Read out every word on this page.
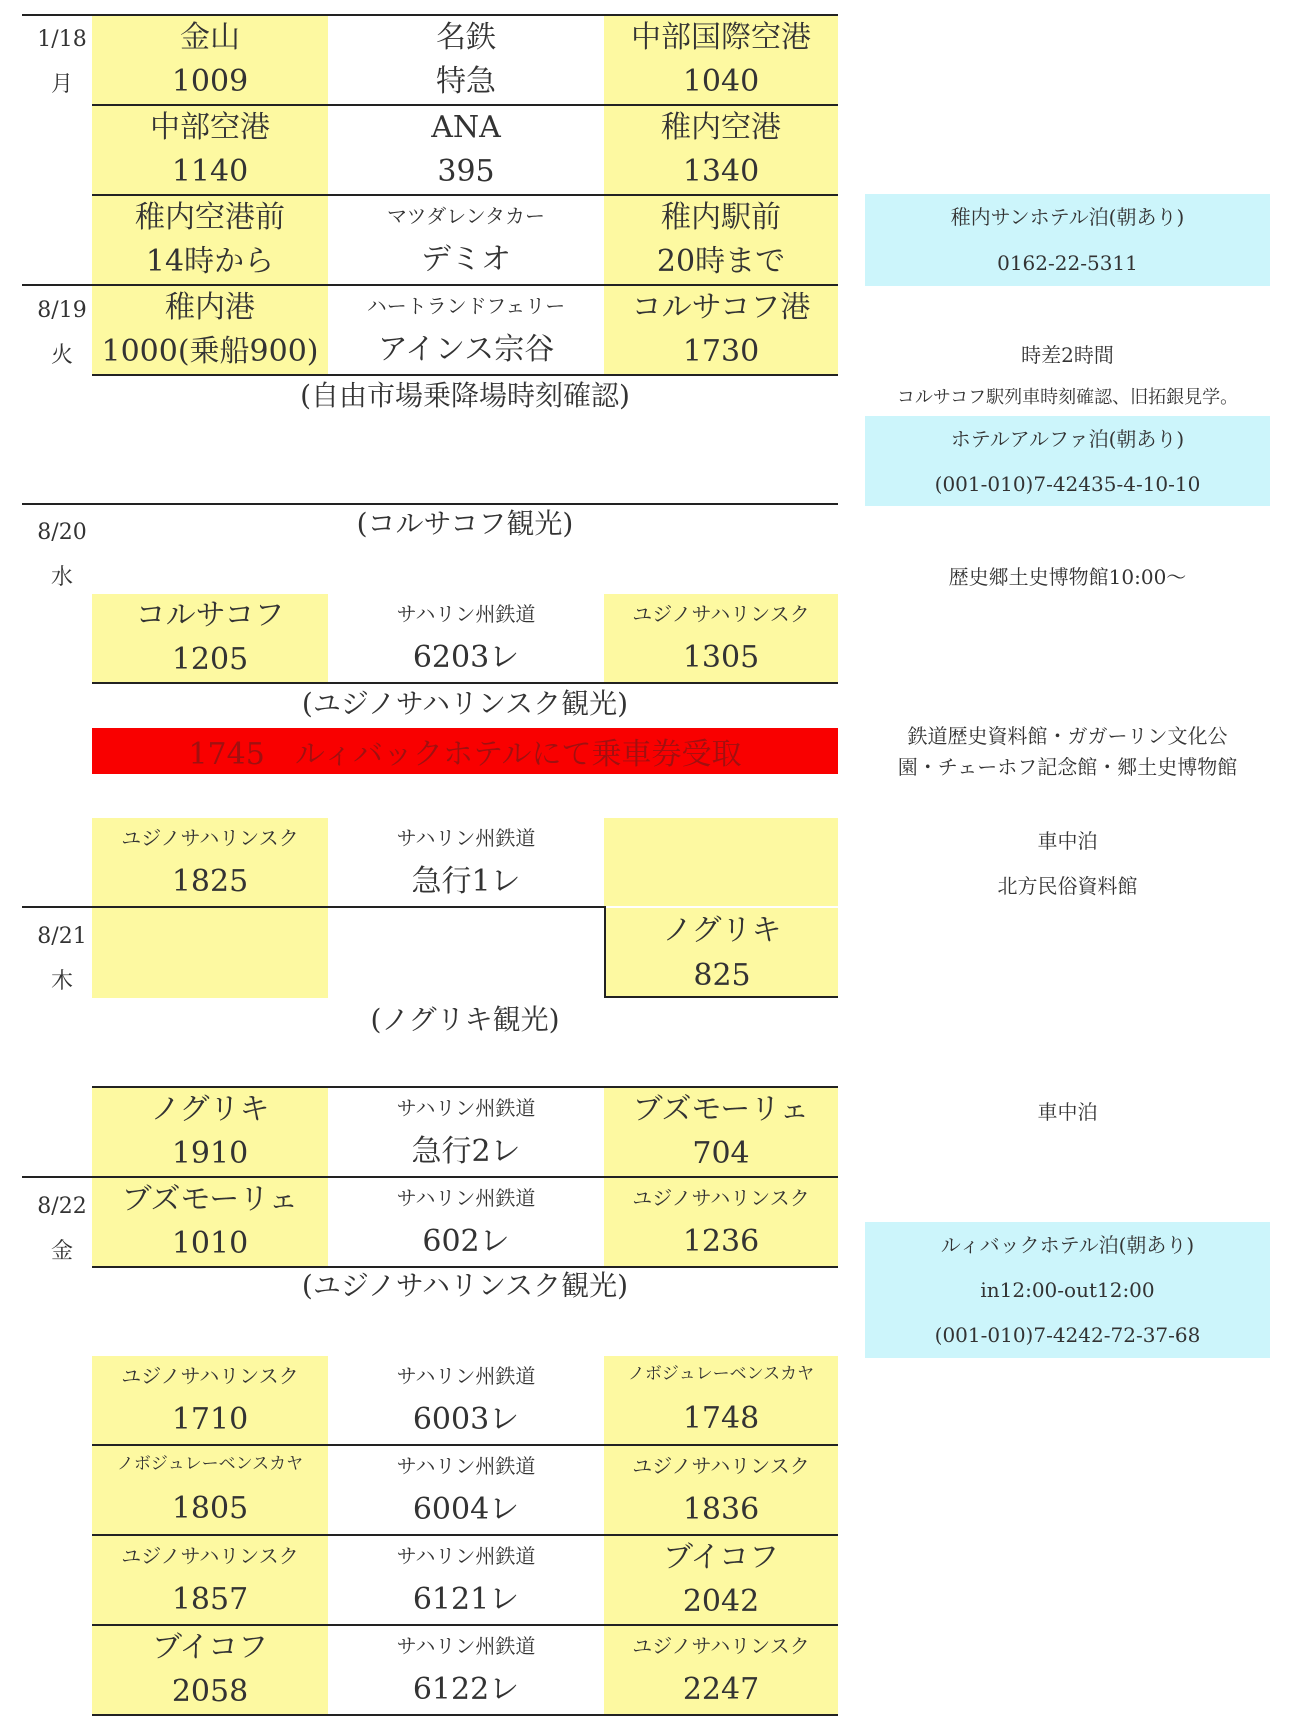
1/18
月
8/19
火
8/20
水
8/21
木
8/22
金
金山
1009
名鉄
特急
中部国際空港
1040
中部空港
1140
ANA
395
稚内空港
1340
稚内空港前
14時から
マツダレンタカー
デミオ
稚内駅前
20時まで
稚内港
1000(乗船900)
ハートランドフェリー
アインス宗谷
コルサコフ港
1730
コルサコフ
1205
サハリン州鉄道
6203レ
ユジノサハリンスク
1305
ユジノサハリンスク
1825
サハリン州鉄道
急行1レ
ノグリキ
825
ノグリキ
1910
サハリン州鉄道
急行2レ
ブズモーリェ
704
ブズモーリェ
1010
サハリン州鉄道
602レ
ユジノサハリンスク
1236
ユジノサハリンスク
1710
サハリン州鉄道
6003レ
ノボジュレーベンスカヤ
1748
ノボジュレーベンスカヤ
1805
サハリン州鉄道
6004レ
ユジノサハリンスク
1836
ユジノサハリンスク
1857
サハリン州鉄道
6121レ
ブイコフ
2042
ブイコフ
2058
サハリン州鉄道
6122レ
ユジノサハリンスク
2247
(自由市場乗降場時刻確認)
(コルサコフ観光)
(ユジノサハリンスク観光)
(ノグリキ観光)
(ユジノサハリンスク観光)
1745　ルィバックホテルにて乗車券受取
稚内サンホテル泊(朝あり)
0162-22-5311
ホテルアルファ泊(朝あり)
(001-010)7-42435-4-10-10
ルィバックホテル泊(朝あり)
in12:00-out12:00
(001-010)7-4242-72-37-68
時差2時間
コルサコフ駅列車時刻確認、旧拓銀見学。
歴史郷土史博物館10:00～
鉄道歴史資料館・ガガーリン文化公
園・チェーホフ記念館・郷土史博物館
車中泊
北方民俗資料館
車中泊
